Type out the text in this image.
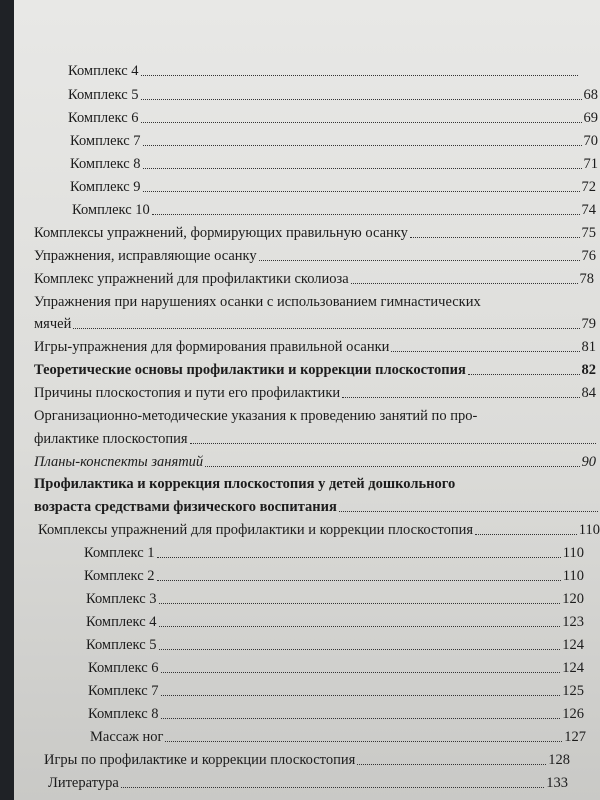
Комплекс 4
Комплекс 5	68
Комплекс 6	69
Комплекс 7	70
Комплекс 8	71
Комплекс 9	72
Комплекс 10	74
Комплексы упражнений, формирующих правильную осанку	75
Упражнения, исправляющие осанку	76
Комплекс упражнений для профилактики сколиоза	78
Упражнения при нарушениях осанки с использованием гимнастических
мячей	79
Игры-упражнения для формирования правильной осанки	81
Теоретические основы профилактики и коррекции плоскостопия	82
Причины плоскостопия и пути его профилактики	84
Организационно-методические указания к проведению занятий по про-
филактике плоскостопия
Планы-конспекты занятий	90
Профилактика и коррекция плоскостопия у детей дошкольного
возраста средствами физического воспитания
Комплексы упражнений для профилактики и коррекции плоскостопия	110
Комплекс 1	110
Комплекс 2	110
Комплекс 3	120
Комплекс 4	123
Комплекс 5	124
Комплекс 6	124
Комплекс 7	125
Комплекс 8	126
Массаж ног	127
Игры по профилактике и коррекции плоскостопия	128
Литература	133
